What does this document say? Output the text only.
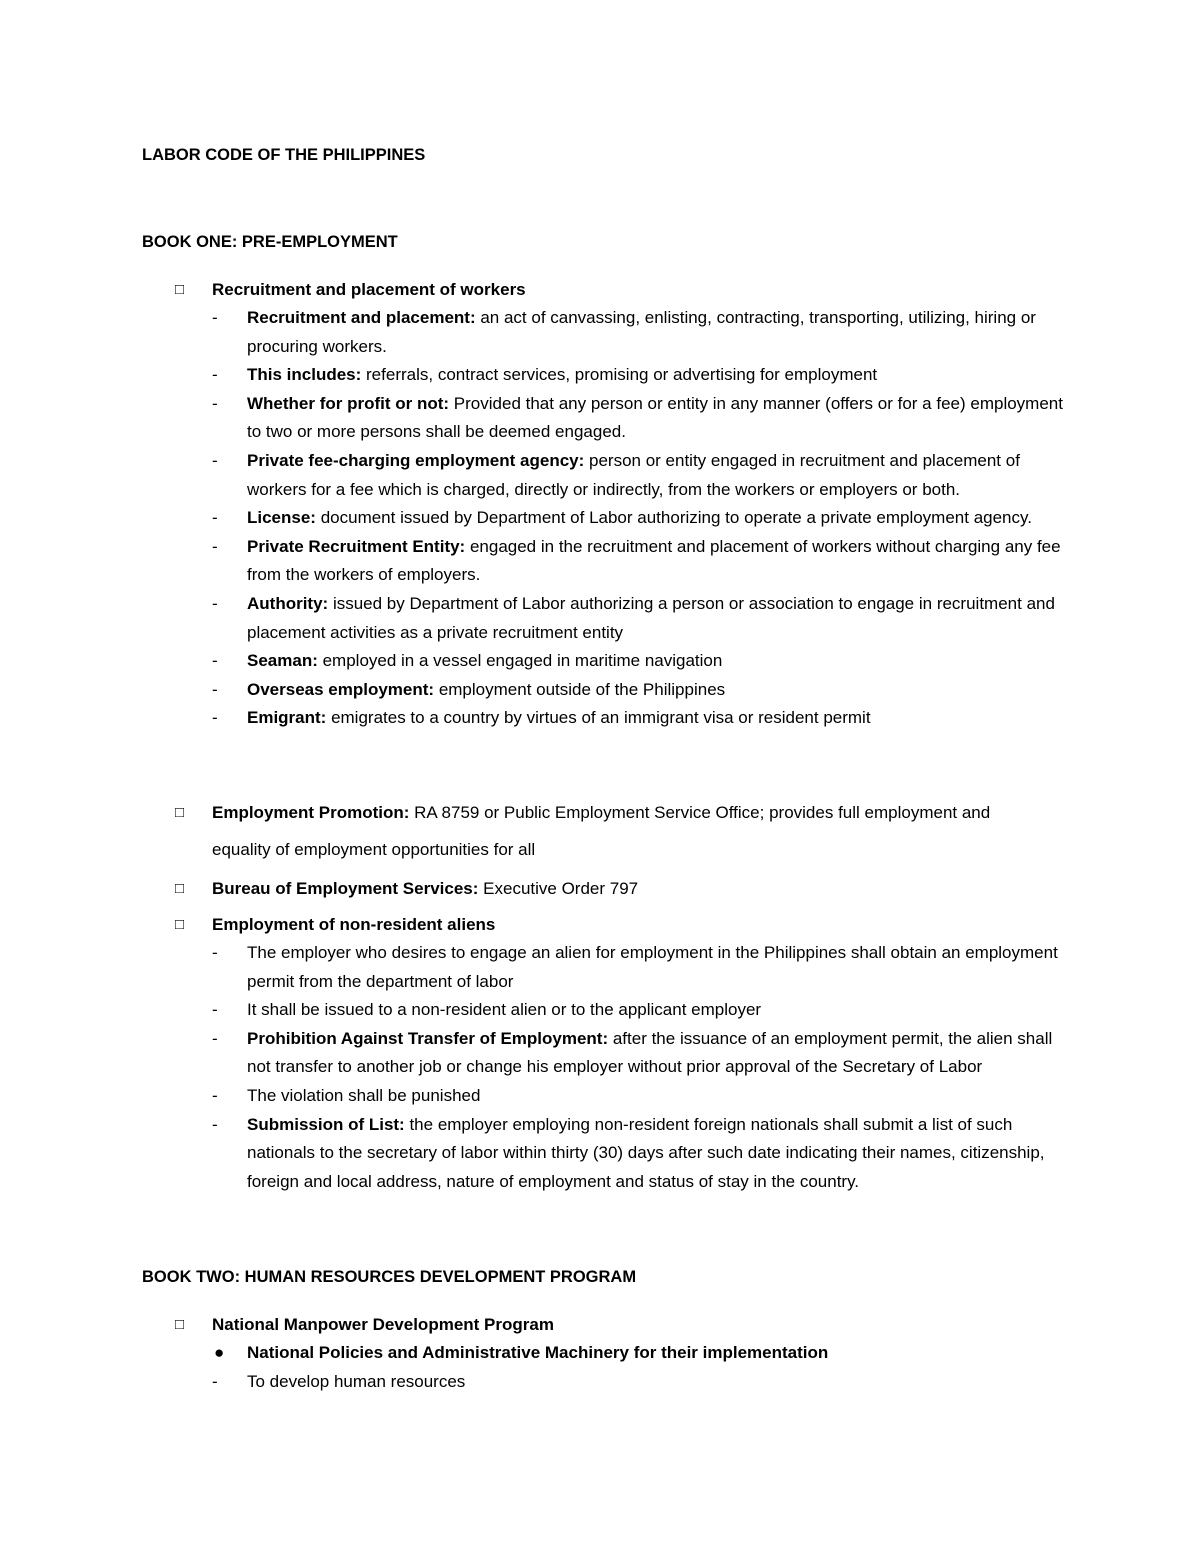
LABOR CODE OF THE PHILIPPINES
BOOK ONE: PRE-EMPLOYMENT
□ Recruitment and placement of workers
- Recruitment and placement: an act of canvassing, enlisting, contracting, transporting, utilizing, hiring or procuring workers.
- This includes: referrals, contract services, promising or advertising for employment
- Whether for profit or not: Provided that any person or entity in any manner (offers or for a fee) employment to two or more persons shall be deemed engaged.
- Private fee-charging employment agency: person or entity engaged in recruitment and placement of workers for a fee which is charged, directly or indirectly, from the workers or employers or both.
- License: document issued by Department of Labor authorizing to operate a private employment agency.
- Private Recruitment Entity: engaged in the recruitment and placement of workers without charging any fee from the workers of employers.
- Authority: issued by Department of Labor authorizing a person or association to engage in recruitment and placement activities as a private recruitment entity
- Seaman: employed in a vessel engaged in maritime navigation
- Overseas employment: employment outside of the Philippines
- Emigrant: emigrates to a country by virtues of an immigrant visa or resident permit
□ Employment Promotion: RA 8759 or Public Employment Service Office; provides full employment and equality of employment opportunities for all
□ Bureau of Employment Services: Executive Order 797
□ Employment of non-resident aliens
- The employer who desires to engage an alien for employment in the Philippines shall obtain an employment permit from the department of labor
- It shall be issued to a non-resident alien or to the applicant employer
- Prohibition Against Transfer of Employment: after the issuance of an employment permit, the alien shall not transfer to another job or change his employer without prior approval of the Secretary of Labor
- The violation shall be punished
- Submission of List: the employer employing non-resident foreign nationals shall submit a list of such nationals to the secretary of labor within thirty (30) days after such date indicating their names, citizenship, foreign and local address, nature of employment and status of stay in the country.
BOOK TWO: HUMAN RESOURCES DEVELOPMENT PROGRAM
□ National Manpower Development Program
● National Policies and Administrative Machinery for their implementation
- To develop human resources
